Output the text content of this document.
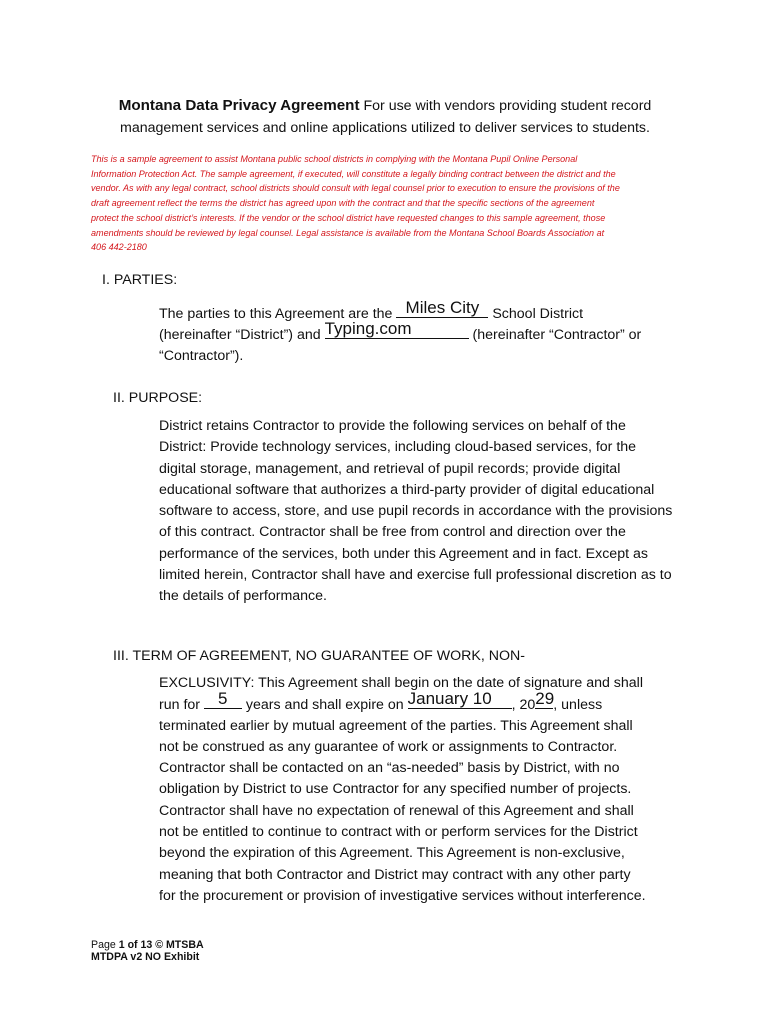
Montana Data Privacy Agreement For use with vendors providing student record
management services and online applications utilized to deliver services to students.

This is a sample agreement to assist Montana public school districts in complying with the Montana Pupil Online Personal

Information Protection Act. The sample agreement, if executed, will constitute a legally binding contract between the district and the

vendor. As with any legal contract, school districts should consult with legal counsel prior to execution to ensure the provisions of the

draft agreement reflect the terms the district has agreed upon with the contract and that the specific sections of the agreement

protect the school district’s interests. If the vendor or the school district have requested changes to this sample agreement, those

amendments should be reviewed by legal counsel. Legal assistance is available from the Montana School Boards Association at

406 442-2180

I. PARTIES:
The parties to this Agreement are the Miles City School District
(hereinafter “District”) and Typing.com	(hereinafter “Contractor” or
“Contractor”).
II. PURPOSE:
District retains Contractor to provide the following services on behalf of the
District: Provide technology services, including cloud-based services, for the
digital storage, management, and retrieval of pupil records; provide digital
educational software that authorizes a third-party provider of digital educational
software to access, store, and use pupil records in accordance with the provisions
of this contract. Contractor shall be free from control and direction over the
performance of the services, both under this Agreement and in fact. Except as
limited herein, Contractor shall have and exercise full professional discretion as to
the details of performance.
III. TERM OF AGREEMENT, NO GUARANTEE OF WORK, NON-
EXCLUSIVITY: This Agreement shall begin on the date of signature and shall
run for	5	years and shall expire on January 10	, 20 29 , unless
terminated earlier by mutual agreement of the parties. This Agreement shall
not be construed as any guarantee of work or assignments to Contractor.
Contractor shall be contacted on an “as-needed” basis by District, with no
obligation by District to use Contractor for any specified number of projects.
Contractor shall have no expectation of renewal of this Agreement and shall
not be entitled to continue to contract with or perform services for the District
beyond the expiration of this Agreement. This Agreement is non-exclusive,
meaning that both Contractor and District may contract with any other party
for the procurement or provision of investigative services without interference.
Page 1 of 13 © MTSBA
MTDPA v2 NO Exhibit
